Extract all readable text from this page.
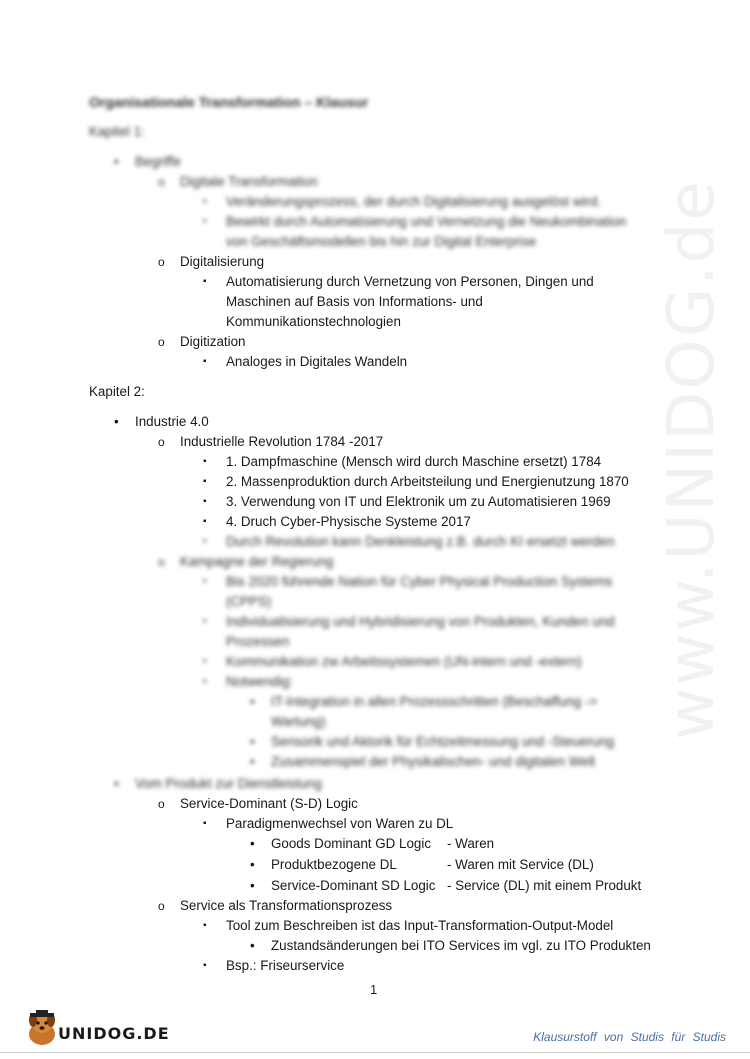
www.UNIDOG.de
Organisationale Transformation – Klausur
Kapitel 1:
• Begriffe
o Digitale Transformation
▪ Veränderungsprozess, der durch Digitalisierung ausgelöst wird.
▪ Bewirkt durch Automatisierung und Vernetzung die Neukombination
von Geschäftsmodellen bis hin zur Digital Enterprise
o Digitalisierung
▪ Automatisierung durch Vernetzung von Personen, Dingen und
Maschinen auf Basis von Informations- und
Kommunikationstechnologien
o Digitization
▪ Analoges in Digitales Wandeln
Kapitel 2:
• Industrie 4.0
o Industrielle Revolution 1784 -2017
▪ 1. Dampfmaschine (Mensch wird durch Maschine ersetzt) 1784
▪ 2. Massenproduktion durch Arbeitsteilung und Energienutzung 1870
▪ 3. Verwendung von IT und Elektronik um zu Automatisieren 1969
▪ 4. Druch Cyber-Physische Systeme 2017
▪ Durch Revolution kann Denkleistung z.B. durch KI ersetzt werden
o Kampagne der Regierung
▪ Bis 2020 führende Nation für Cyber Physical Production Systems
(CPPS)
▪ Individualisierung und Hybridisierung von Produkten, Kunden und
Prozessen
▪ Kommunikation zw Arbeitssystemen (UN-intern und -extern)
▪ Notwendig:
• IT-Integration in allen Prozessschritten (Beschaffung ->
Wartung)
• Sensorik und Aktorik für Echtzeitmessung und -Steuerung
• Zusammenspiel der Physikalischen- und digitalen Welt
• Vom Produkt zur Dienstleistung
o Service-Dominant (S-D) Logic
▪ Paradigmenwechsel von Waren zu DL
• Goods Dominant GD Logic - Waren
• Produktbezogene DL	- Waren mit Service (DL)
• Service-Dominant SD Logic - Service (DL) mit einem Produkt
o Service als Transformationsprozess
▪ Tool zum Beschreiben ist das Input-Transformation-Output-Model
• Zustandsänderungen bei ITO Services im vgl. zu ITO Produkten
▪ Bsp.: Friseurservice
1
UNIDOG.DE	Klausurstoff von Studis für Studis
